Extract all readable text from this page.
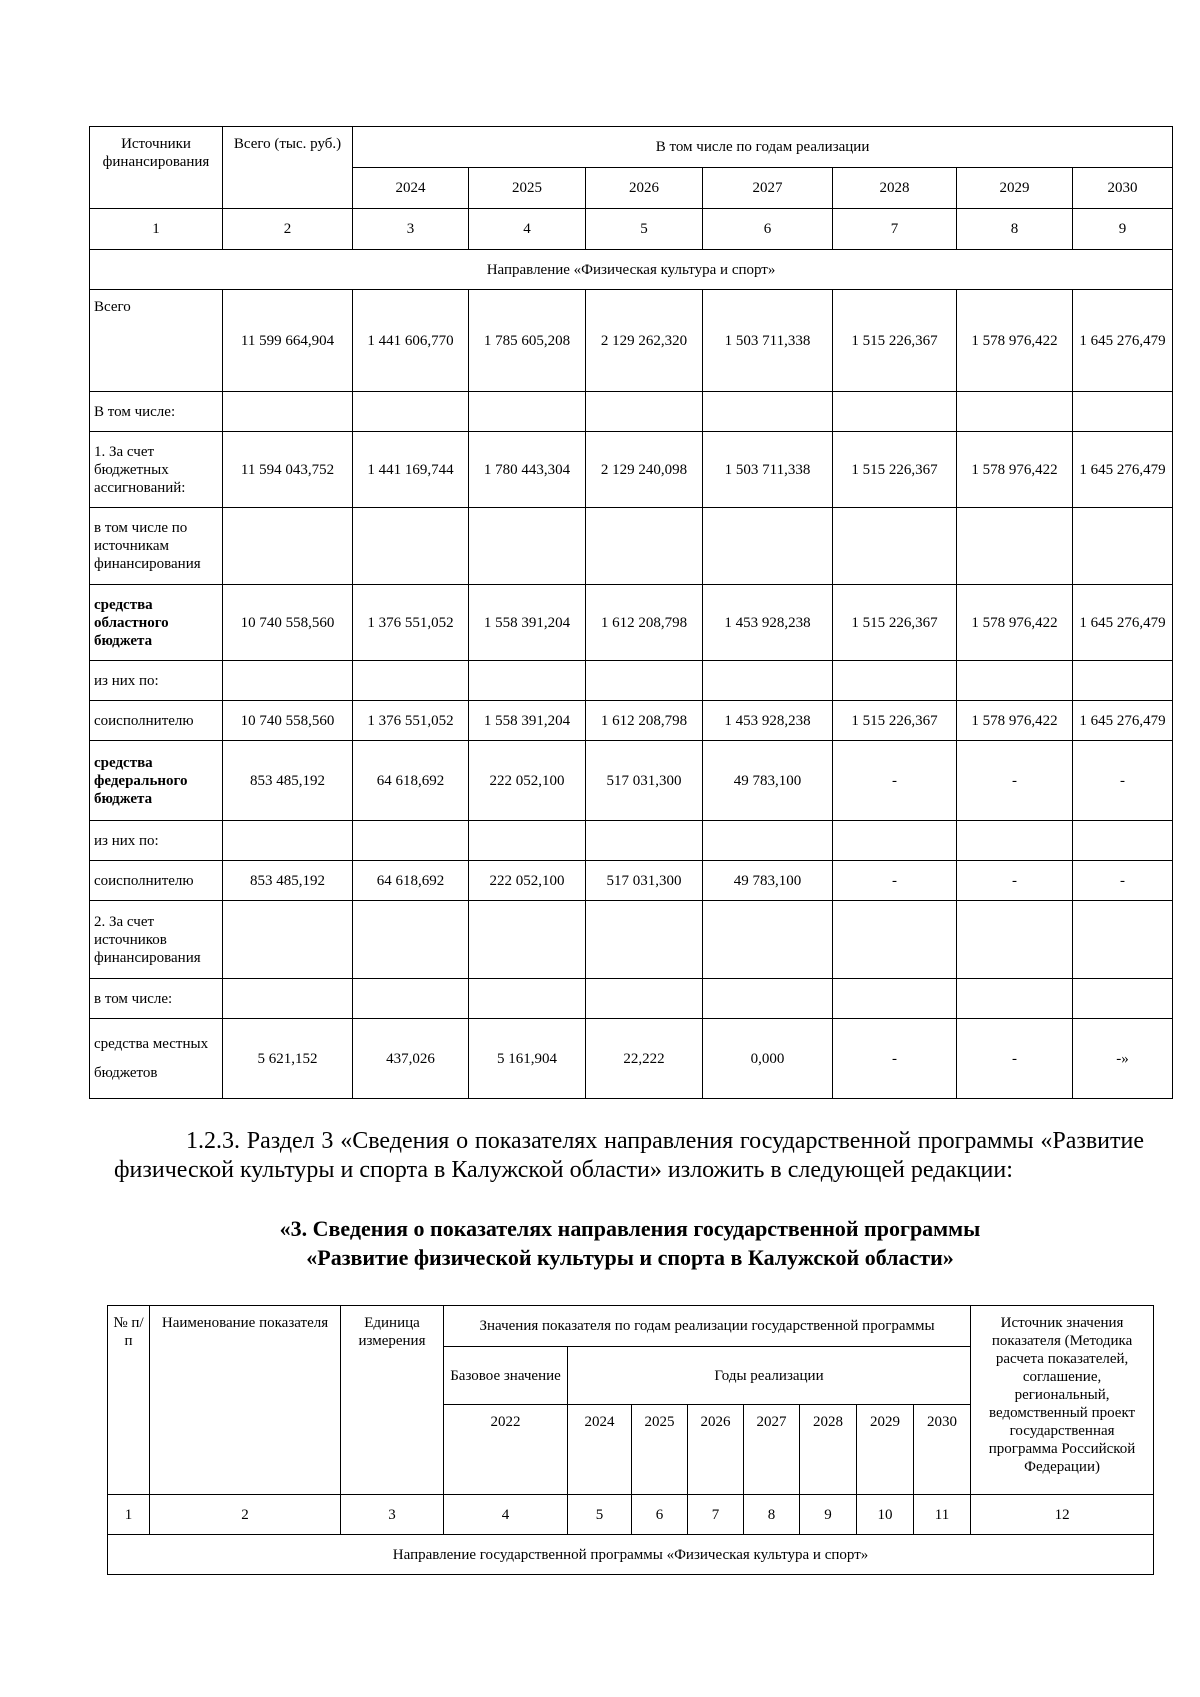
Источники финансирования	Всего (тыс. руб.)	В том числе по годам реализации						
		2024	2025	2026	2027	2028	2029	2030
1	2	3	4	5	6	7	8	9
Направление «Физическая культура и спорт»								
Всего	11 599 664,904	1 441 606,770	1 785 605,208	2 129 262,320	1 503 711,338	1 515 226,367	1 578 976,422	1 645 276,479
В том числе:								
1. За счет бюджетных ассигнований:	11 594 043,752	1 441 169,744	1 780 443,304	2 129 240,098	1 503 711,338	1 515 226,367	1 578 976,422	1 645 276,479
в том числе по источникам финансирования								
средства областного бюджета	10 740 558,560	1 376 551,052	1 558 391,204	1 612 208,798	1 453 928,238	1 515 226,367	1 578 976,422	1 645 276,479
из них по:								
соисполнителю	10 740 558,560	1 376 551,052	1 558 391,204	1 612 208,798	1 453 928,238	1 515 226,367	1 578 976,422	1 645 276,479
средства федерального бюджета	853 485,192	64 618,692	222 052,100	517 031,300	49 783,100	-	-	-
из них по:								
соисполнителю	853 485,192	64 618,692	222 052,100	517 031,300	49 783,100	-	-	-
2. За счет источников финансирования								
в том числе:								
средства местных бюджетов	5 621,152	437,026	5 161,904	22,222	0,000	-	-	-»
1.2.3. Раздел 3 «Сведения о показателях направления государственной программы «Развитие физической культуры и спорта в Калужской области» изложить в следующей редакции:
«3. Сведения о показателях направления государственной программы
«Развитие физической культуры и спорта в Калужской области»
№ п/п	Наименование показателя	Единица измерения	Значения показателя по годам реализации государственной программы								Источник значения показателя (Методика расчета показателей, соглашение, региональный, ведомственный проект государственная программа Российской Федерации)
			Базовое значение	Годы реализации							
			2022	2024	2025	2026	2027	2028	2029	2030	
1	2	3	4	5	6	7	8	9	10	11	12
Направление государственной программы «Физическая культура и спорт»											
